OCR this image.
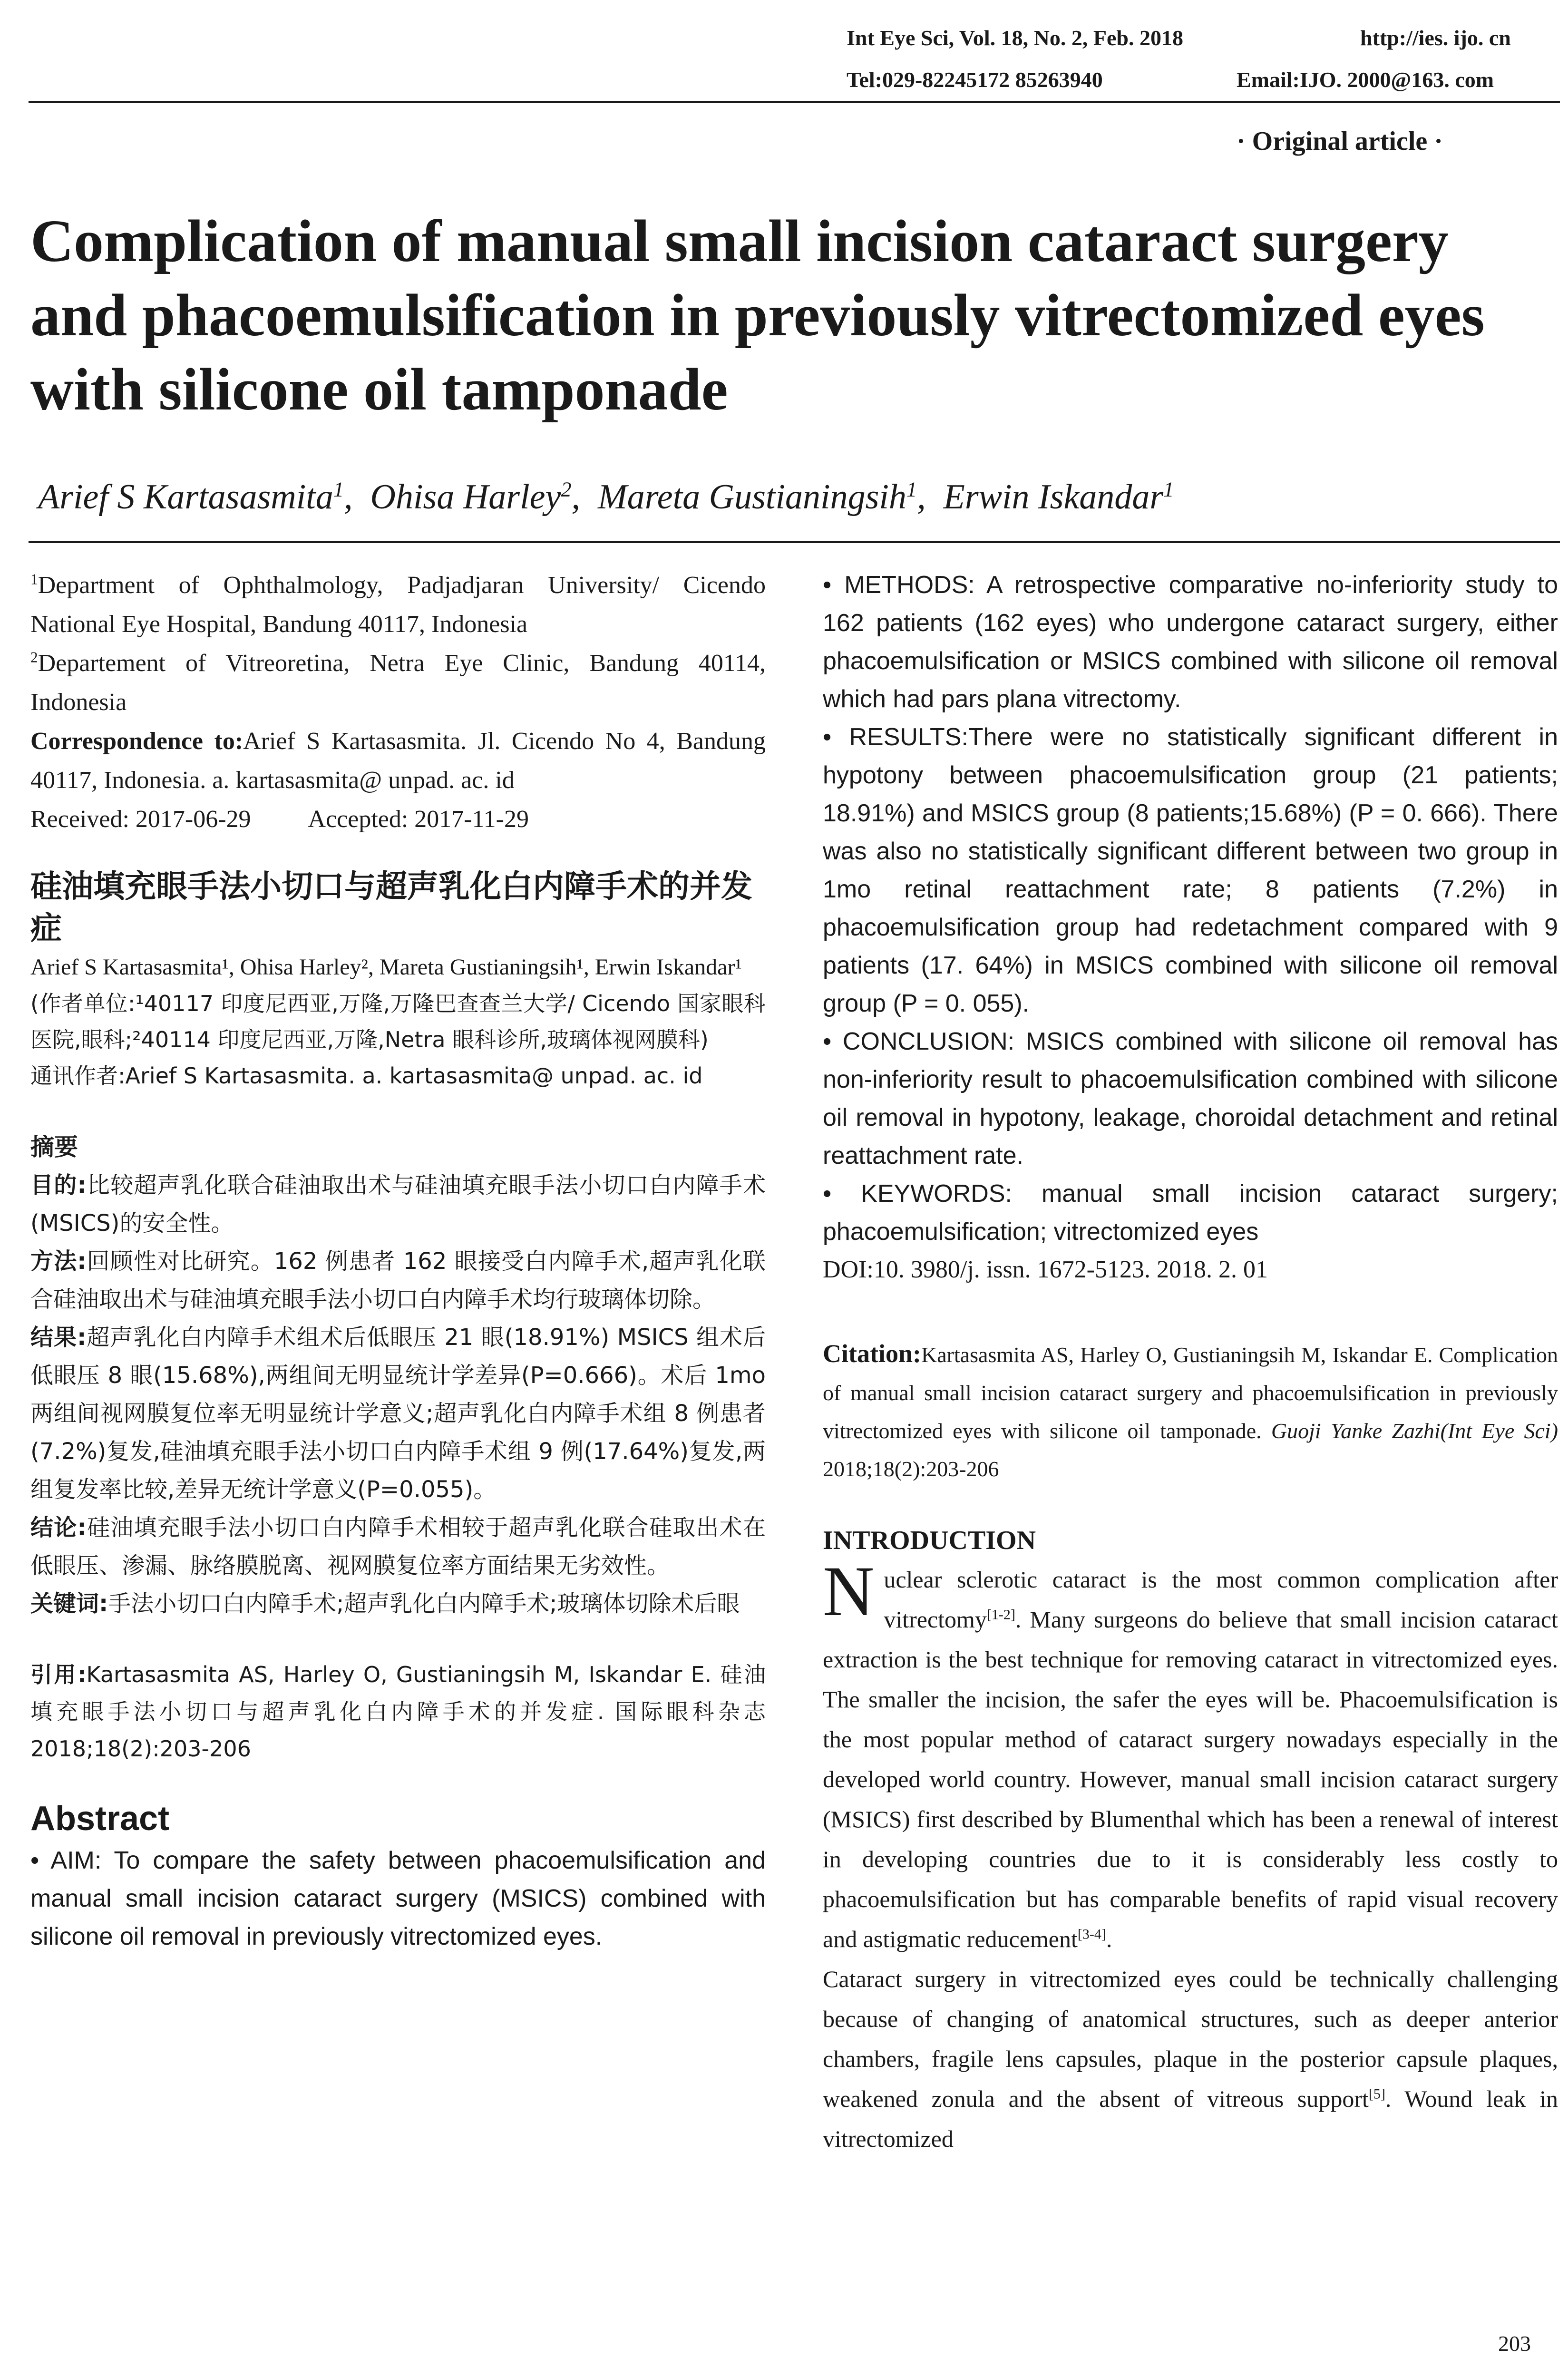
Int Eye Sci, Vol. 18, No. 2, Feb. 2018	http://ies. ijo. cn
Tel:029-82245172 85263940	Email:IJO. 2000@163. com
· Original article ·
Complication of manual small incision cataract surgery and phacoemulsification in previously vitrectomized eyes with silicone oil tamponade
Arief S Kartasasmita$^1$,  Ohisa Harley$^2$,  Mareta Gustianingsih$^1$,  Erwin Iskandar$^1$

$^1$Department of Ophthalmology, Padjadjaran University/ Cicendo National Eye Hospital, Bandung 40117, Indonesia

$^2$Departement of Vitreoretina, Netra Eye Clinic, Bandung 40114, Indonesia

Correspondence to:Arief S Kartasasmita. Jl. Cicendo No 4, Bandung 40117, Indonesia. a. kartasasmita@ unpad. ac. id

Received: 2017-06-29 Accepted: 2017-11-29

硅油填充眼手法小切口与超声乳化白内障手术的并发症

Arief S Kartasasmita¹, Ohisa Harley², Mareta Gustianingsih¹, Erwin Iskandar¹

(作者单位:¹40117 印度尼西亚,万隆,万隆巴查查兰大学/ Cicendo 国家眼科医院,眼科;²40114 印度尼西亚,万隆,Netra 眼科诊所,玻璃体视网膜科)

通讯作者:Arief S Kartasasmita. a. kartasasmita@ unpad. ac. id

摘要

目的:比较超声乳化联合硅油取出术与硅油填充眼手法小切口白内障手术(MSICS)的安全性。

方法:回顾性对比研究。162 例患者 162 眼接受白内障手术,超声乳化联合硅油取出术与硅油填充眼手法小切口白内障手术均行玻璃体切除。

结果:超声乳化白内障手术组术后低眼压 21 眼(18.91%) MSICS 组术后低眼压 8 眼(15.68%),两组间无明显统计学差异(P=0.666)。术后 1mo 两组间视网膜复位率无明显统计学意义;超声乳化白内障手术组 8 例患者(7.2%)复发,硅油填充眼手法小切口白内障手术组 9 例(17.64%)复发,两组复发率比较,差异无统计学意义(P=0.055)。

结论:硅油填充眼手法小切口白内障手术相较于超声乳化联合硅取出术在低眼压、渗漏、脉络膜脱离、视网膜复位率方面结果无劣效性。

关键词:手法小切口白内障手术;超声乳化白内障手术;玻璃体切除术后眼

引用:Kartasasmita AS, Harley O, Gustianingsih M, Iskandar E. 硅油填充眼手法小切口与超声乳化白内障手术的并发症. 国际眼科杂志 2018;18(2):203-206

Abstract

• AIM: To compare the safety between phacoemulsification and manual small incision cataract surgery (MSICS) combined with silicone oil removal in previously vitrectomized eyes.

• METHODS: A retrospective comparative no-inferiority study to 162 patients (162 eyes) who undergone cataract surgery, either phacoemulsification or MSICS combined with silicone oil removal which had pars plana vitrectomy.

• RESULTS:There were no statistically significant different in hypotony between phacoemulsification group (21 patients; 18.91%) and MSICS group (8 patients;15.68%) (P = 0. 666). There was also no statistically significant different between two group in 1mo retinal reattachment rate; 8 patients (7.2%) in phacoemulsification group had redetachment compared with 9 patients (17. 64%) in MSICS combined with silicone oil removal group (P = 0. 055).

• CONCLUSION: MSICS combined with silicone oil removal has non-inferiority result to phacoemulsification combined with silicone oil removal in hypotony, leakage, choroidal detachment and retinal reattachment rate.

• KEYWORDS: manual small incision cataract surgery; phacoemulsification; vitrectomized eyes

DOI:10. 3980/j. issn. 1672-5123. 2018. 2. 01

Citation:Kartasasmita AS, Harley O, Gustianingsih M, Iskandar E. Complication of manual small incision cataract surgery and phacoemulsification in previously vitrectomized eyes with silicone oil tamponade. Guoji Yanke Zazhi(Int Eye Sci) 2018;18(2):203-206

INTRODUCTION

Nuclear sclerotic cataract is the most common complication after vitrectomy[1-2]. Many surgeons do believe that small incision cataract extraction is the best technique for removing cataract in vitrectomized eyes. The smaller the incision, the safer the eyes will be. Phacoemulsification is the most popular method of cataract surgery nowadays especially in the developed world country. However, manual small incision cataract surgery (MSICS) first described by Blumenthal which has been a renewal of interest in developing countries due to it is considerably less costly to phacoemulsification but has comparable benefits of rapid visual recovery and astigmatic reducement[3-4].

Cataract surgery in vitrectomized eyes could be technically challenging because of changing of anatomical structures, such as deeper anterior chambers, fragile lens capsules, plaque in the posterior capsule plaques, weakened zonula and the absent of vitreous support[5]. Wound leak in vitrectomized

203
